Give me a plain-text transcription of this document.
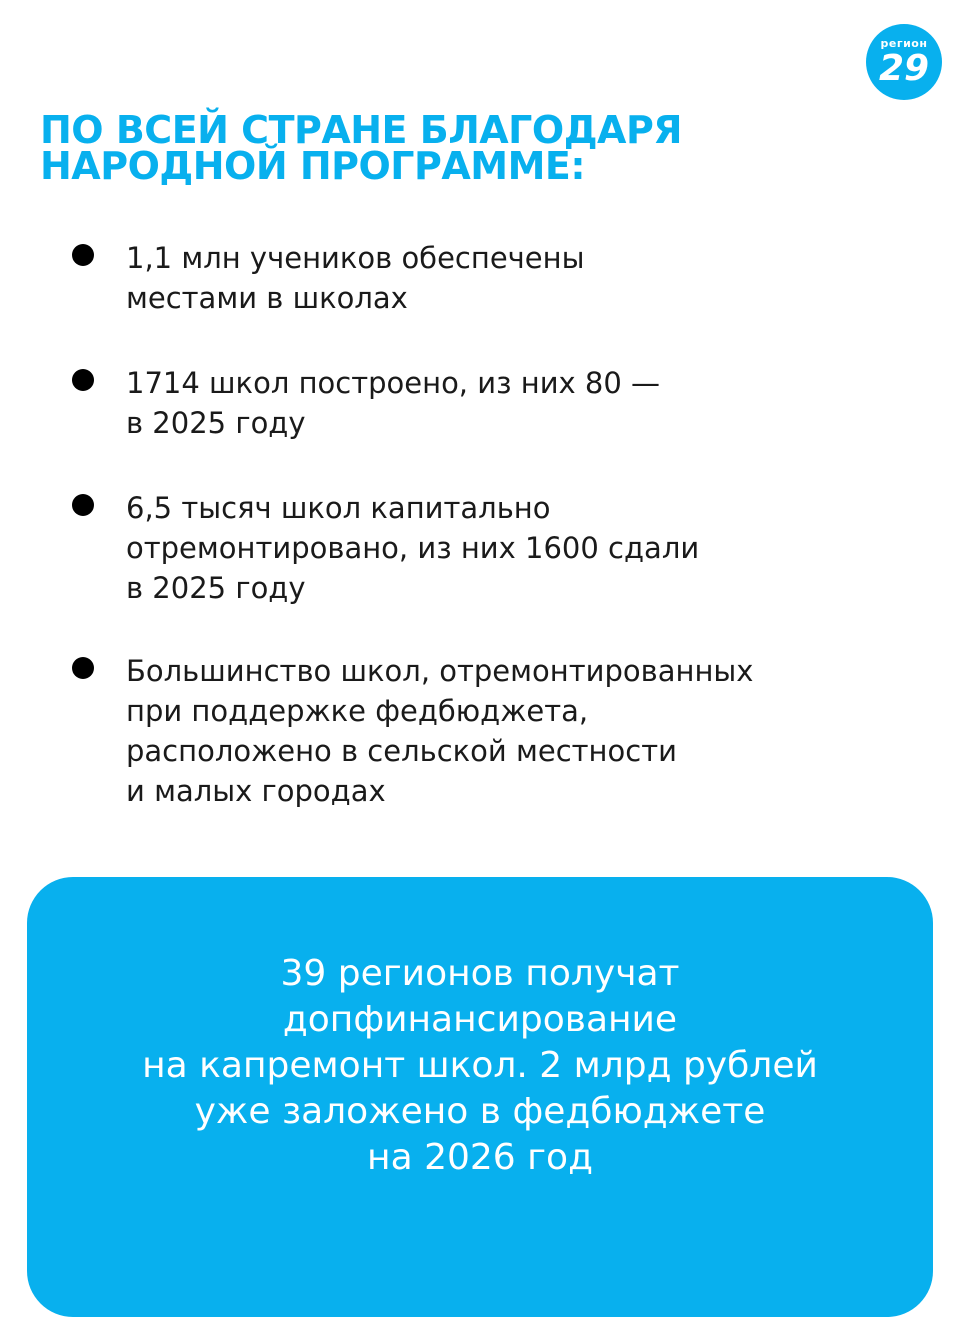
регион
29
ПО ВСЕЙ СТРАНЕ БЛАГОДАРЯ
НАРОДНОЙ ПРОГРАММЕ:
1,1 млн учеников обеспечены
местами в школах
1714 школ построено, из них 80 —
в 2025 году
6,5 тысяч школ капитально
отремонтировано, из них 1600 сдали
в 2025 году
Большинство школ, отремонтированных
при поддержке федбюджета,
расположено в сельской местности
и малых городах
39 регионов получат
допфинансирование
на капремонт школ. 2 млрд рублей
уже заложено в федбюджете
на 2026 год
